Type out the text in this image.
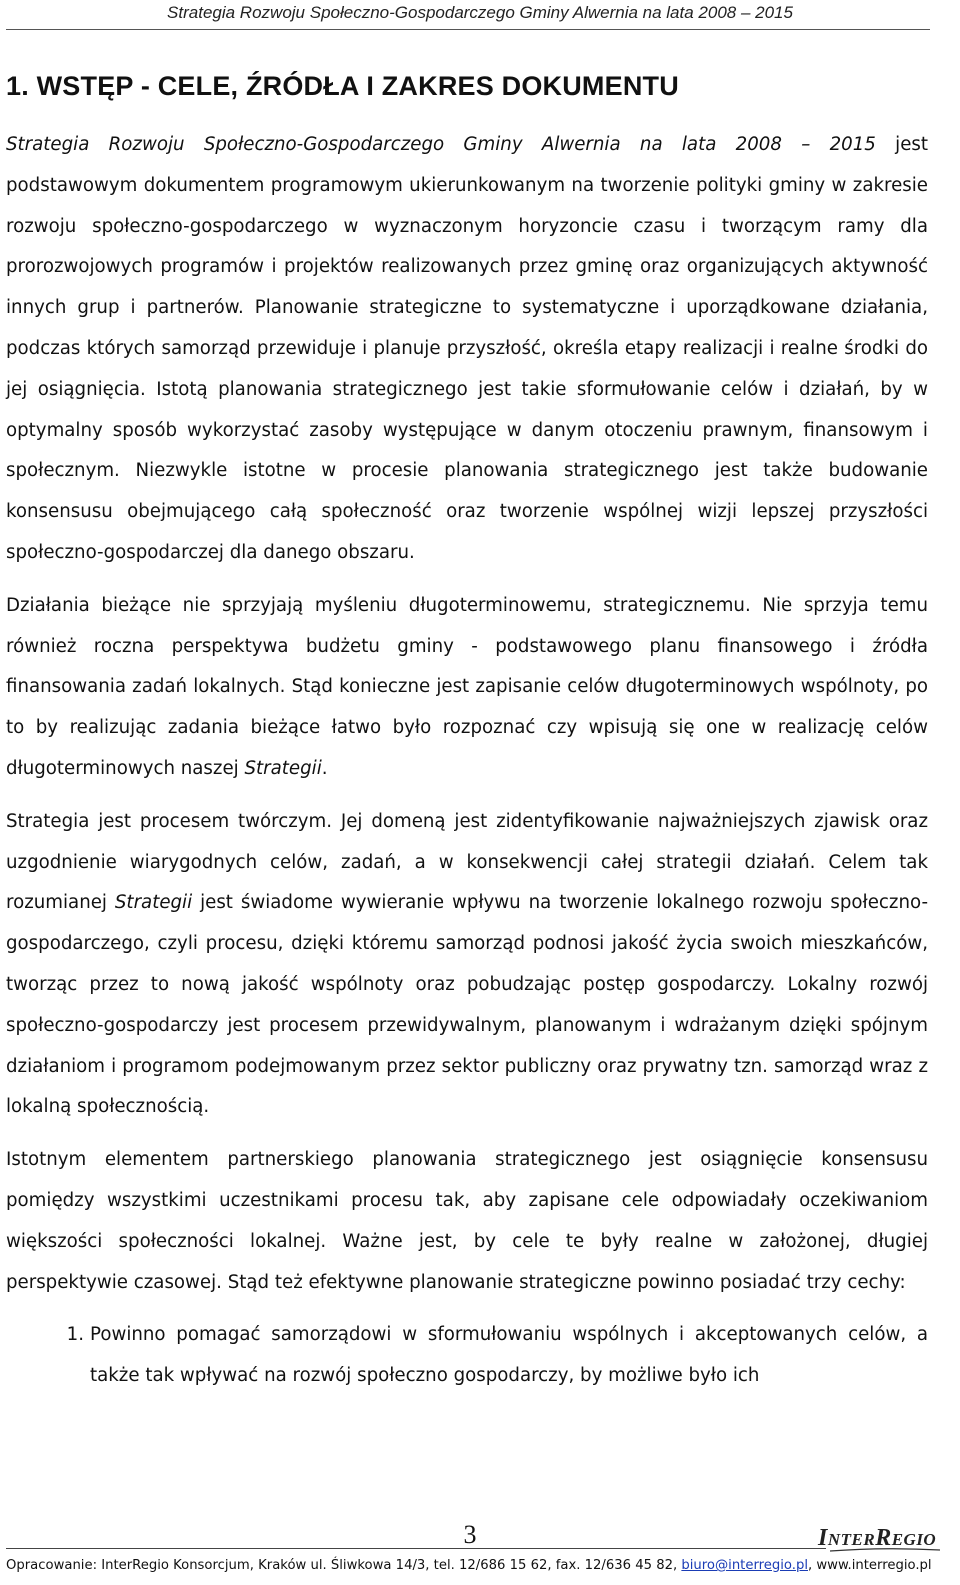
Strategia Rozwoju Społeczno-Gospodarczego Gminy Alwernia na lata 2008 – 2015
1. WSTĘP - CELE, ŹRÓDŁA I ZAKRES DOKUMENTU

Strategia Rozwoju Społeczno-Gospodarczego Gminy Alwernia na lata 2008 – 2015 jest podstawowym dokumentem programowym ukierunkowanym na tworzenie polityki gminy w zakresie rozwoju społeczno-gospodarczego w wyznaczonym horyzoncie czasu i tworzącym ramy dla prorozwojowych programów i projektów realizowanych przez gminę oraz organizujących aktywność innych grup i partnerów. Planowanie strategiczne to systematyczne i uporządkowane działania, podczas których samorząd przewiduje i planuje przyszłość, określa etapy realizacji i realne środki do jej osiągnięcia. Istotą planowania strategicznego jest takie sformułowanie celów i działań, by w optymalny sposób wykorzystać zasoby występujące w danym otoczeniu prawnym, finansowym i społecznym. Niezwykle istotne w procesie planowania strategicznego jest także budowanie konsensusu obejmującego całą społeczność oraz tworzenie wspólnej wizji lepszej przyszłości społeczno-gospodarczej dla danego obszaru.

Działania bieżące nie sprzyjają myśleniu długoterminowemu, strategicznemu. Nie sprzyja temu również roczna perspektywa budżetu gminy - podstawowego planu finansowego i źródła finansowania zadań lokalnych. Stąd konieczne jest zapisanie celów długoterminowych wspólnoty, po to by realizując zadania bieżące łatwo było rozpoznać czy wpisują się one w realizację celów długoterminowych naszej Strategii.

Strategia jest procesem twórczym. Jej domeną jest zidentyfikowanie najważniejszych zjawisk oraz uzgodnienie wiarygodnych celów, zadań, a w konsekwencji całej strategii działań. Celem tak rozumianej Strategii jest świadome wywieranie wpływu na tworzenie lokalnego rozwoju społeczno-gospodarczego, czyli procesu, dzięki któremu samorząd podnosi jakość życia swoich mieszkańców, tworząc przez to nową jakość wspólnoty oraz pobudzając postęp gospodarczy. Lokalny rozwój społeczno-gospodarczy jest procesem przewidywalnym, planowanym i wdrażanym dzięki spójnym działaniom i programom podejmowanym przez sektor publiczny oraz prywatny tzn. samorząd wraz z lokalną społecznością.

Istotnym elementem partnerskiego planowania strategicznego jest osiągnięcie konsensusu pomiędzy wszystkimi uczestnikami procesu tak, aby zapisane cele odpowiadały oczekiwaniom większości społeczności lokalnej. Ważne jest, by cele te były realne w założonej, długiej perspektywie czasowej. Stąd też efektywne planowanie strategiczne powinno posiadać trzy cechy:

1. Powinno pomagać samorządowi w sformułowaniu wspólnych i akceptowanych celów, a także tak wpływać na rozwój społeczno gospodarczy, by możliwe było ich
3	INTERREGIO
Opracowanie: InterRegio Konsorcjum, Kraków ul. Śliwkowa 14/3, tel. 12/686 15 62, fax. 12/636 45 82, biuro@interregio.pl, www.interregio.pl
